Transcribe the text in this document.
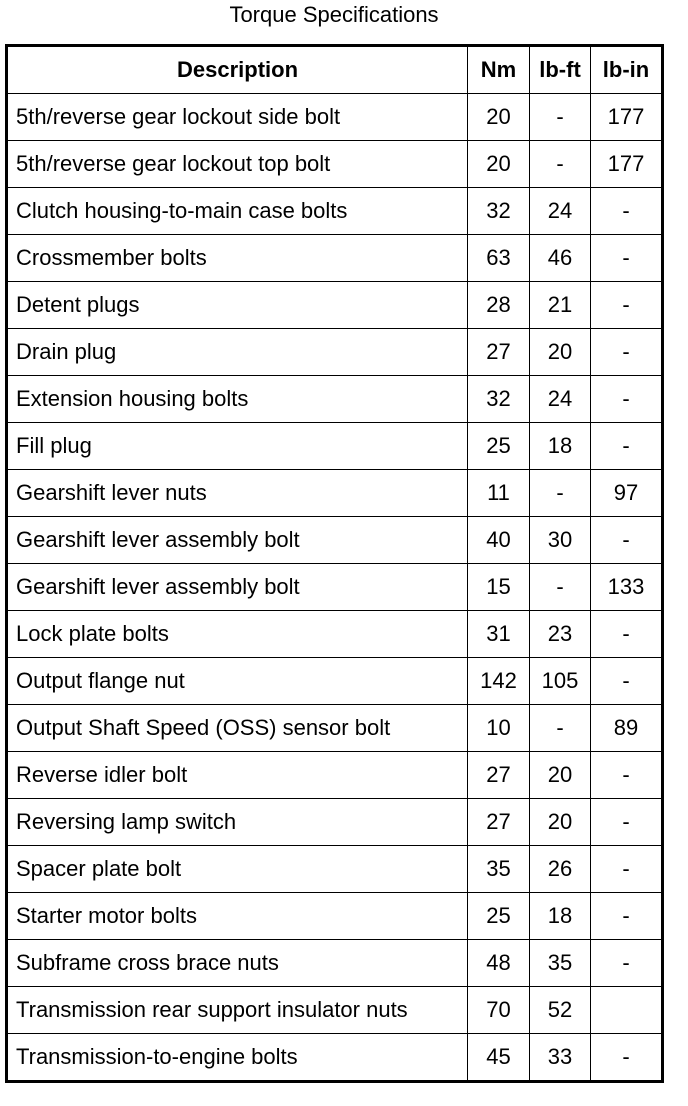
Torque Specifications
Description	Nm	lb-ft	lb-in
5th/reverse gear lockout side bolt	20	-	177
5th/reverse gear lockout top bolt	20	-	177
Clutch housing-to-main case bolts	32	24	-
Crossmember bolts	63	46	-
Detent plugs	28	21	-
Drain plug	27	20	-
Extension housing bolts	32	24	-
Fill plug	25	18	-
Gearshift lever nuts	11	-	97
Gearshift lever assembly bolt	40	30	-
Gearshift lever assembly bolt	15	-	133
Lock plate bolts	31	23	-
Output flange nut	142	105	-
Output Shaft Speed (OSS) sensor bolt	10	-	89
Reverse idler bolt	27	20	-
Reversing lamp switch	27	20	-
Spacer plate bolt	35	26	-
Starter motor bolts	25	18	-
Subframe cross brace nuts	48	35	-
Transmission rear support insulator nuts	70	52	
Transmission-to-engine bolts	45	33	-
